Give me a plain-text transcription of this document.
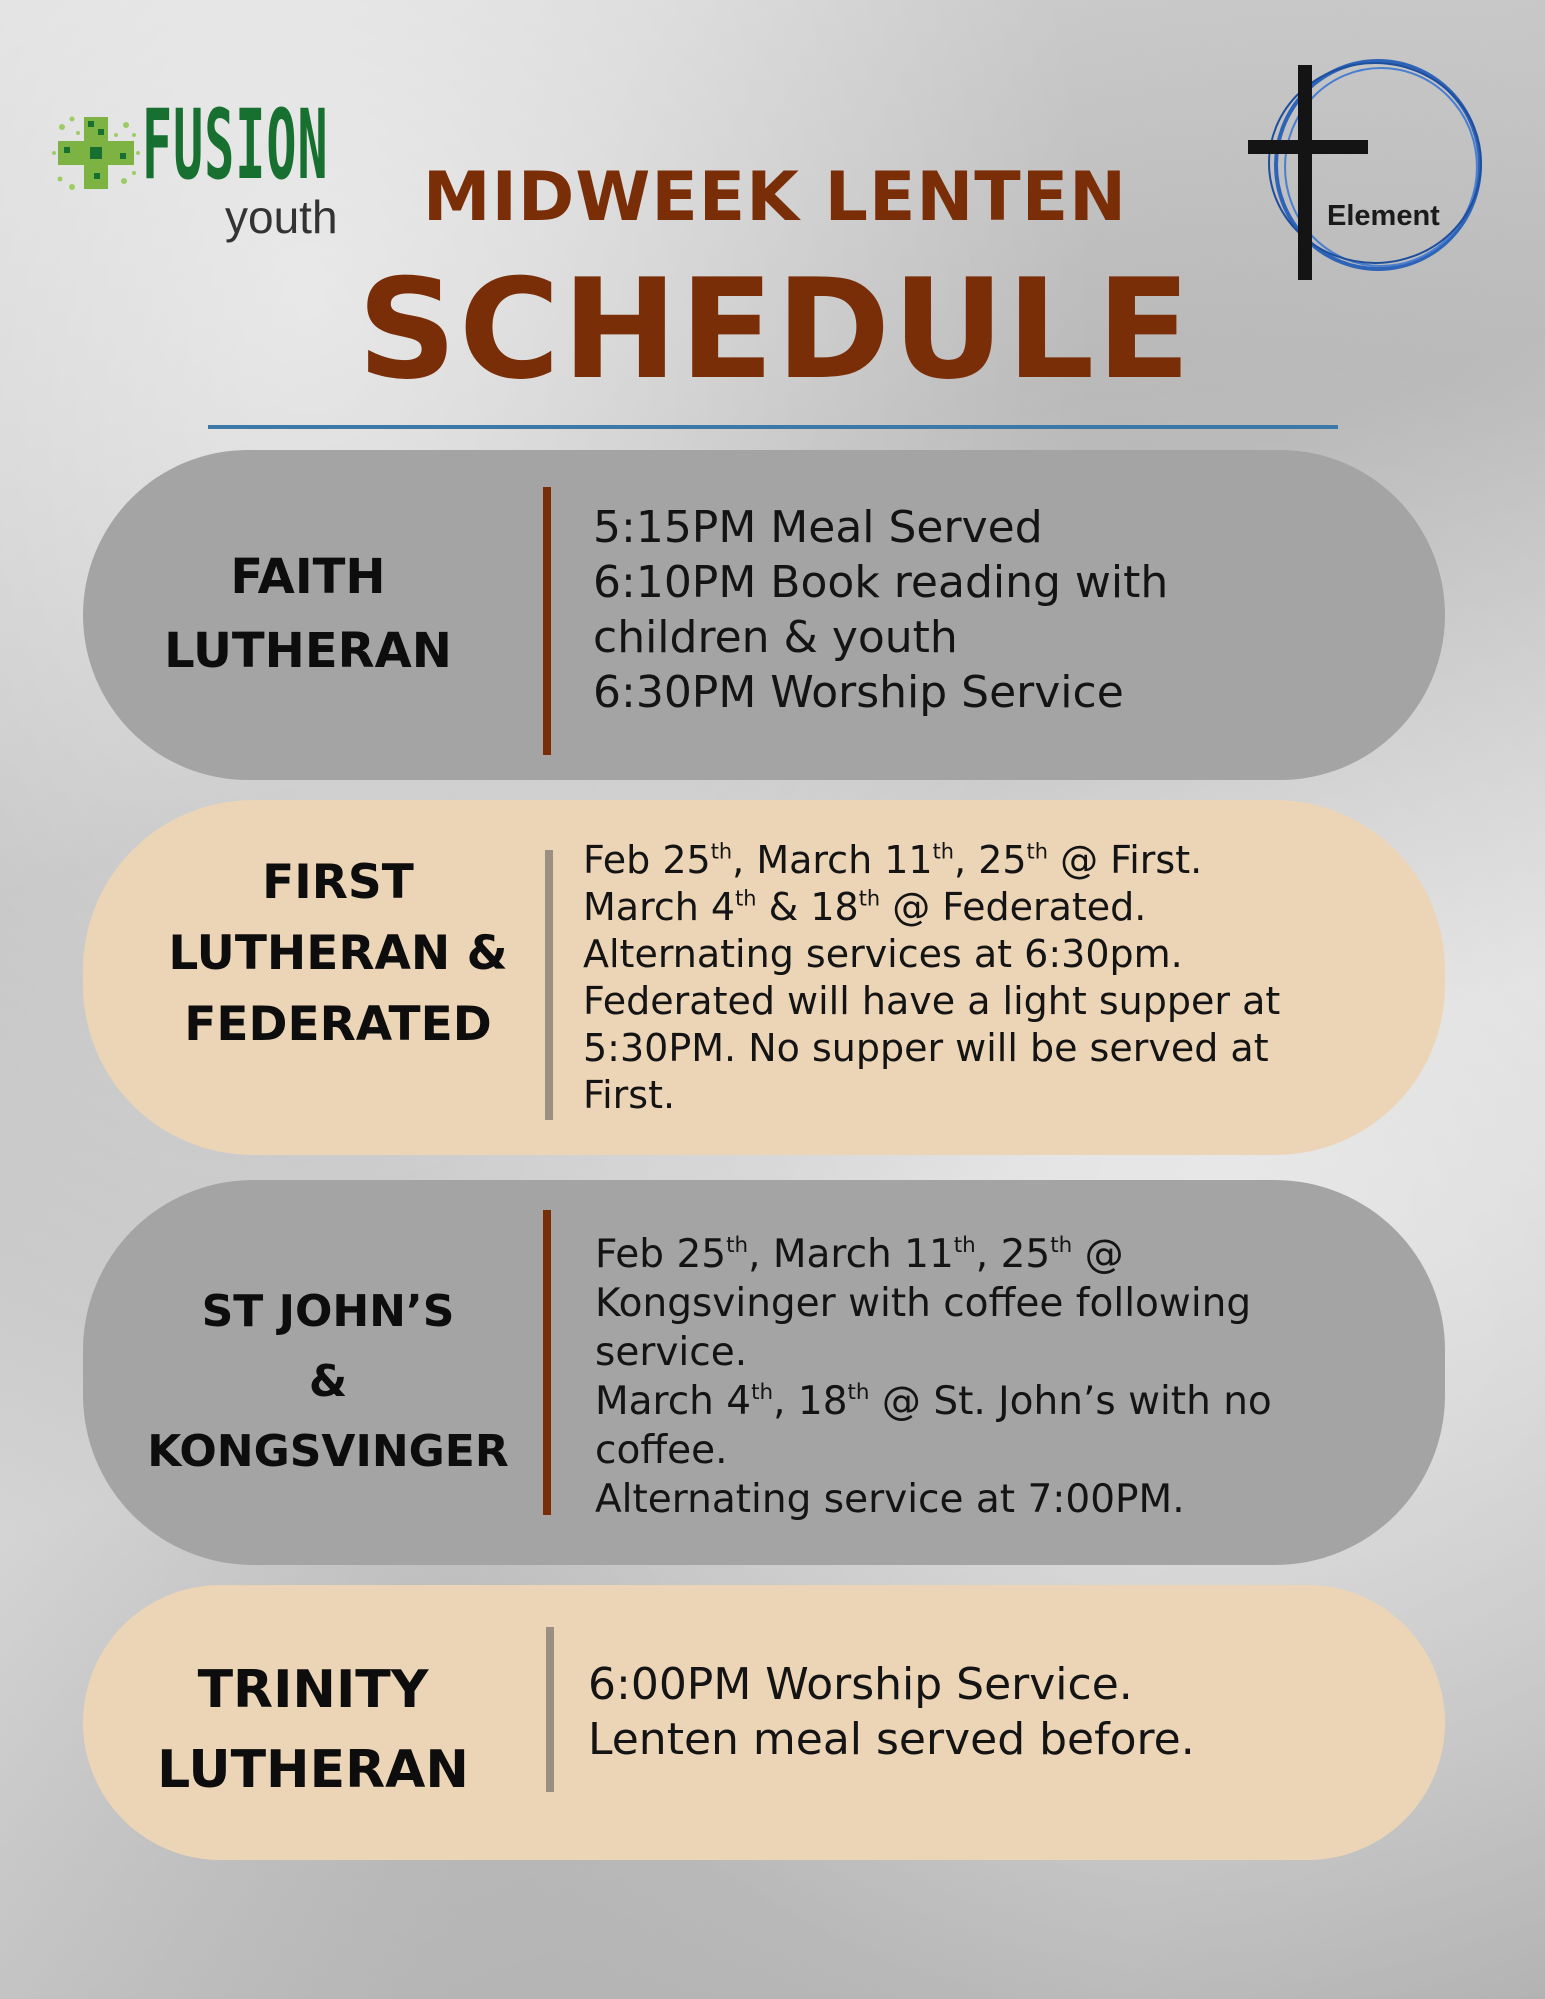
FUSION
youth	Element
MIDWEEK LENTEN
SCHEDULE
FAITH
LUTHERAN
5:15PM Meal Served
6:10PM Book reading with
children & youth
6:30PM Worship Service
FIRST
LUTHERAN &
FEDERATED
Feb 25th, March 11th, 25th @ First.
March 4th & 18th @ Federated.
Alternating services at 6:30pm.
Federated will have a light supper at
5:30PM. No supper will be served at
First.
ST JOHN’S
&
KONGSVINGER
Feb 25th, March 11th, 25th @
Kongsvinger with coffee following
service.
March 4th, 18th @ St. John’s with no
coffee.
Alternating service at 7:00PM.
TRINITY
LUTHERAN
6:00PM Worship Service.
Lenten meal served before.
